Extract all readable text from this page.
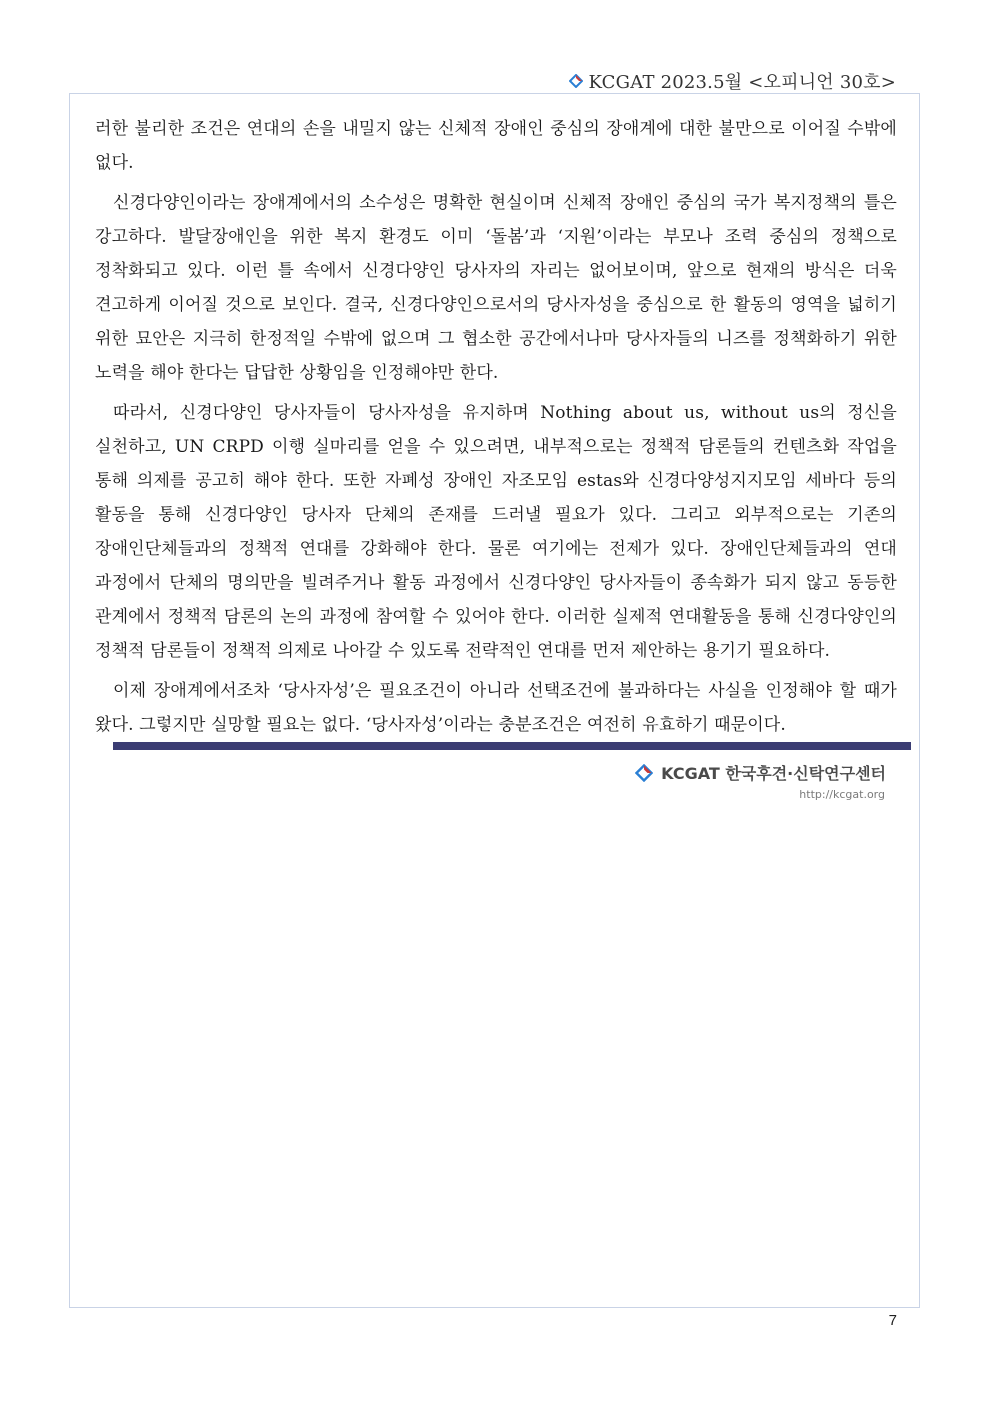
KCGAT 2023.5월 <오피니언 30호>

러한 불리한 조건은 연대의 손을 내밀지 않는 신체적 장애인 중심의 장애계에 대한 불만으로 이어질 수밖에 없다.

신경다양인이라는 장애계에서의 소수성은 명확한 현실이며 신체적 장애인 중심의 국가 복지정책의 틀은 강고하다. 발달장애인을 위한 복지 환경도 이미 ‘돌봄’과 ‘지원’이라는 부모나 조력 중심의 정책으로 정착화되고 있다. 이런 틀 속에서 신경다양인 당사자의 자리는 없어보이며, 앞으로 현재의 방식은 더욱 견고하게 이어질 것으로 보인다. 결국, 신경다양인으로서의 당사자성을 중심으로 한 활동의 영역을 넓히기 위한 묘안은 지극히 한정적일 수밖에 없으며 그 협소한 공간에서나마 당사자들의 니즈를 정책화하기 위한 노력을 해야 한다는 답답한 상황임을 인정해야만 한다.

따라서, 신경다양인 당사자들이 당사자성을 유지하며 Nothing about us, without us의 정신을 실천하고, UN CRPD 이행 실마리를 얻을 수 있으려면, 내부적으로는 정책적 담론들의 컨텐츠화 작업을 통해 의제를 공고히 해야 한다. 또한 자폐성 장애인 자조모임 estas와 신경다양성지지모임 세바다 등의 활동을 통해 신경다양인 당사자 단체의 존재를 드러낼 필요가 있다. 그리고 외부적으로는 기존의 장애인단체들과의 정책적 연대를 강화해야 한다. 물론 여기에는 전제가 있다. 장애인단체들과의 연대 과정에서 단체의 명의만을 빌려주거나 활동 과정에서 신경다양인 당사자들이 종속화가 되지 않고 동등한 관계에서 정책적 담론의 논의 과정에 참여할 수 있어야 한다. 이러한 실제적 연대활동을 통해 신경다양인의 정책적 담론들이 정책적 의제로 나아갈 수 있도록 전략적인 연대를 먼저 제안하는 용기기 필요하다.

이제 장애계에서조차 ‘당사자성’은 필요조건이 아니라 선택조건에 불과하다는 사실을 인정해야 할 때가 왔다. 그렇지만 실망할 필요는 없다. ‘당사자성’이라는 충분조건은 여전히 유효하기 때문이다.

KCGAT 한국후견·신탁연구센터
http://kcgat.org
7
